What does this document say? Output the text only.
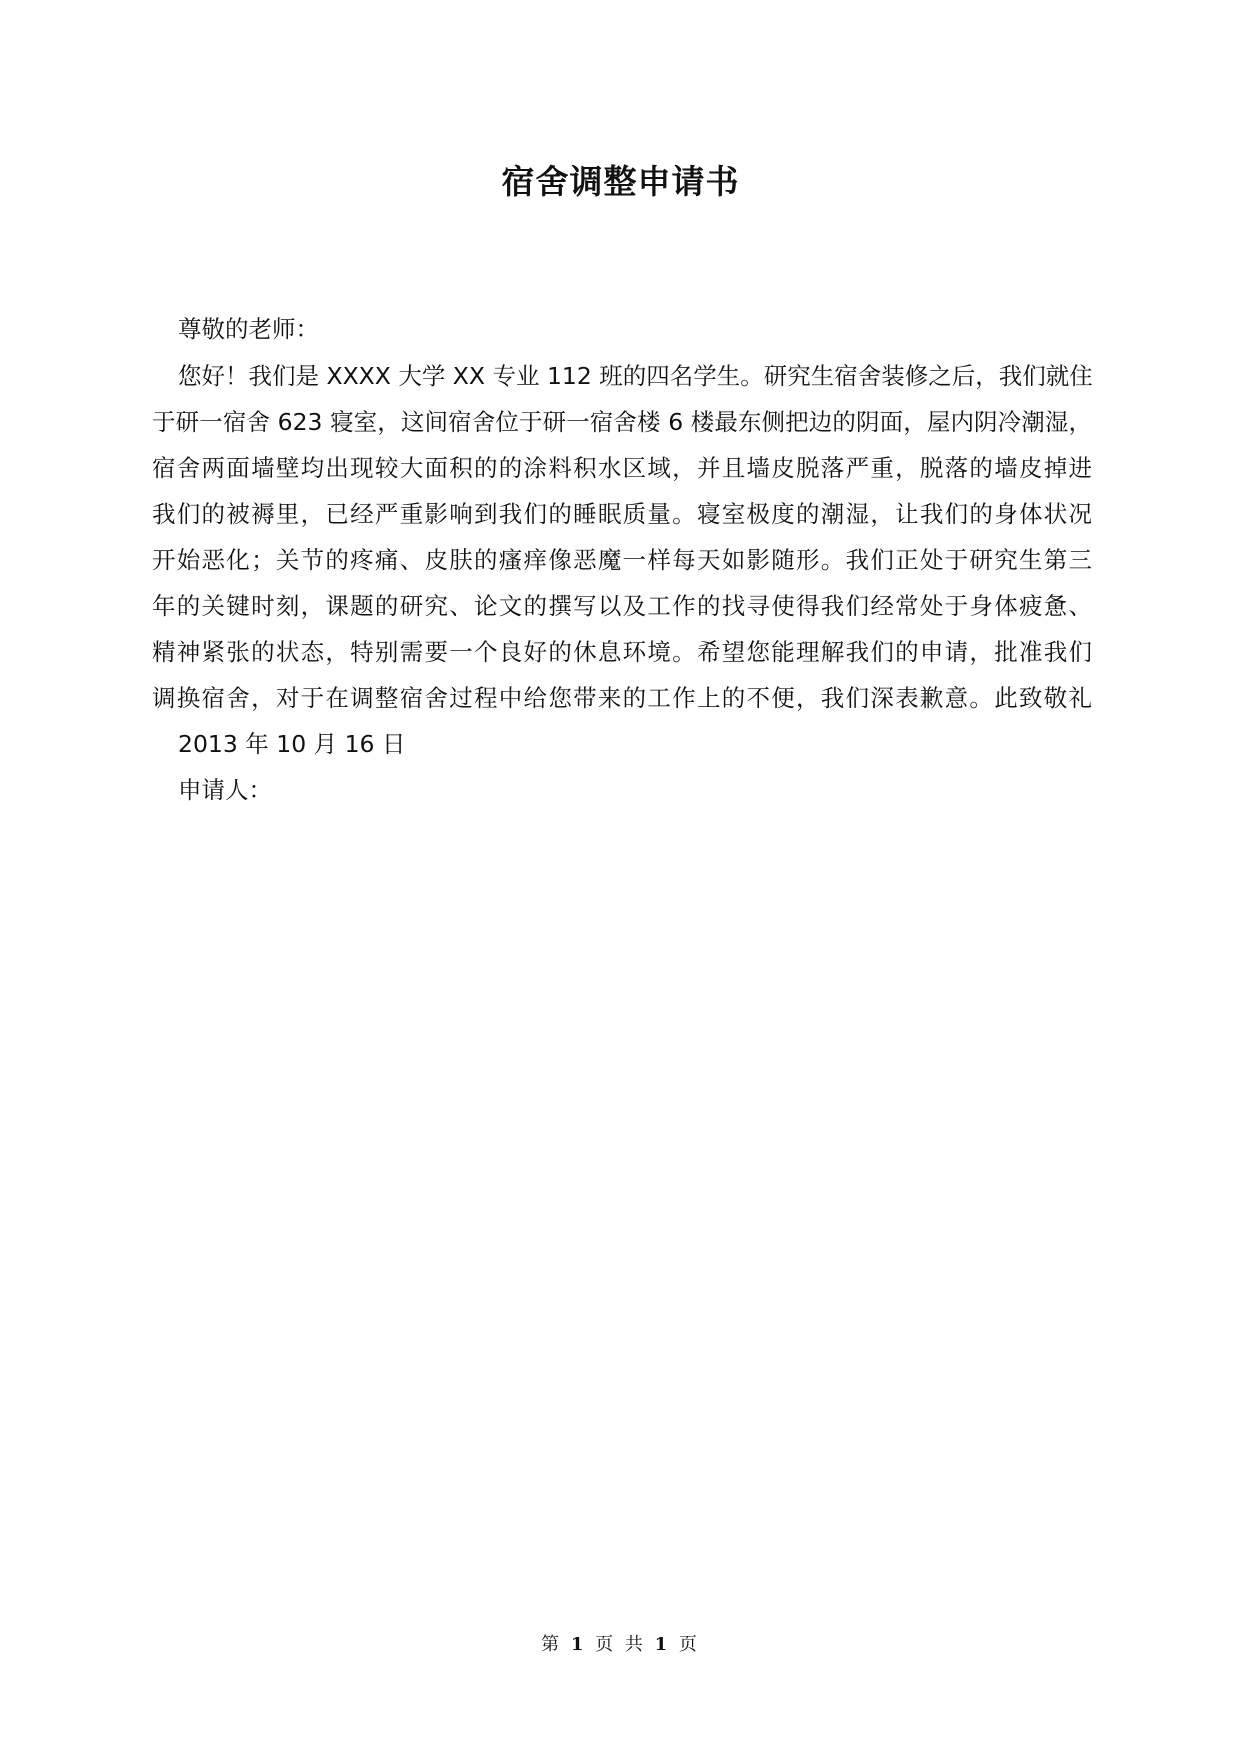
宿舍调整申请书
尊敬的老师：
您好！我们是 XXXX 大学 XX 专业 112 班的四名学生。研究生宿舍装修之后，我们就住
于研一宿舍 623 寝室，这间宿舍位于研一宿舍楼 6 楼最东侧把边的阴面，屋内阴冷潮湿，
宿舍两面墙壁均出现较大面积的的涂料积水区域，并且墙皮脱落严重，脱落的墙皮掉进
我们的被褥里，已经严重影响到我们的睡眠质量。寝室极度的潮湿，让我们的身体状况
开始恶化；关节的疼痛、皮肤的瘙痒像恶魔一样每天如影随形。我们正处于研究生第三
年的关键时刻，课题的研究、论文的撰写以及工作的找寻使得我们经常处于身体疲惫、
精神紧张的状态，特别需要一个良好的休息环境。希望您能理解我们的申请，批准我们
调换宿舍，对于在调整宿舍过程中给您带来的工作上的不便，我们深表歉意。此致敬礼
2013 年 10 月 16 日
申请人：
第 1 页 共 1 页
